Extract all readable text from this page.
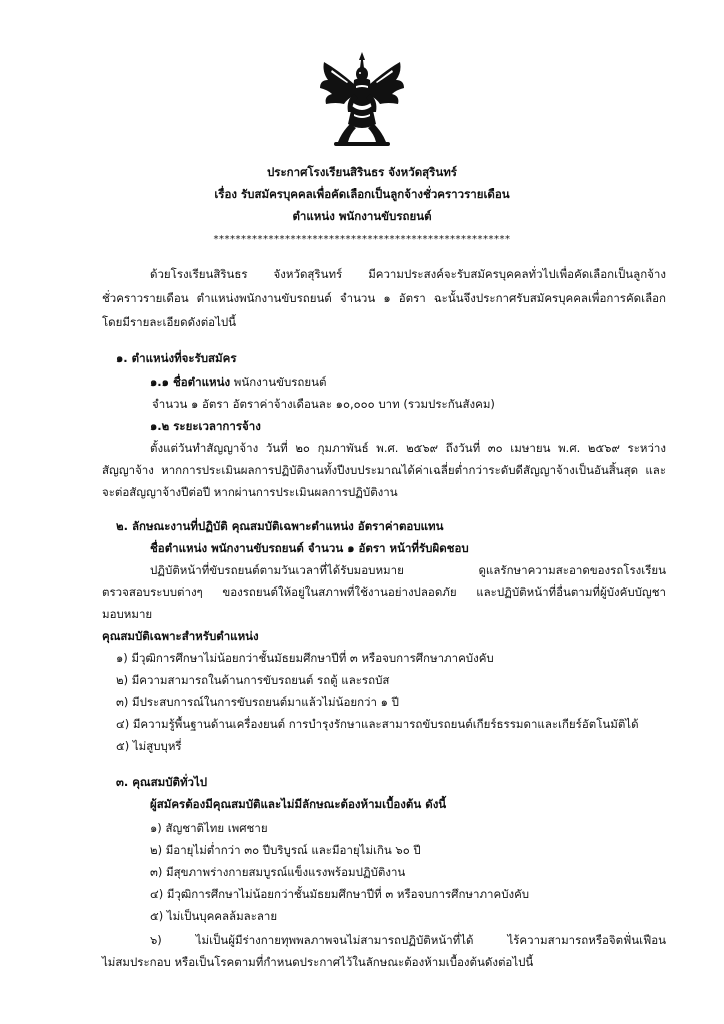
ประกาศโรงเรียนสิรินธร จังหวัดสุรินทร์
เรื่อง รับสมัครบุคคลเพื่อคัดเลือกเป็นลูกจ้างชั่วคราวรายเดือน
ตำแหน่ง พนักงานขับรถยนต์
******************************************************
ด้วยโรงเรียนสิรินธร จังหวัดสุรินทร์ มีความประสงค์จะรับสมัครบุคคลทั่วไปเพื่อคัดเลือกเป็นลูกจ้าง
ชั่วคราวรายเดือน ตำแหน่งพนักงานขับรถยนต์ จำนวน ๑ อัตรา ฉะนั้นจึงประกาศรับสมัครบุคคลเพื่อการคัดเลือก
โดยมีรายละเอียดดังต่อไปนี้
๑. ตำแหน่งที่จะรับสมัคร
๑.๑ ชื่อตำแหน่ง พนักงานขับรถยนต์
จำนวน ๑ อัตรา อัตราค่าจ้างเดือนละ ๑๐,๐๐๐ บาท (รวมประกันสังคม)
๑.๒ ระยะเวลาการจ้าง
ตั้งแต่วันทำสัญญาจ้าง วันที่ ๒๐ กุมภาพันธ์ พ.ศ. ๒๕๖๙ ถึงวันที่ ๓๐ เมษายน พ.ศ. ๒๕๖๙ ระหว่าง
สัญญาจ้าง หากการประเมินผลการปฏิบัติงานทั้งปีงบประมาณได้ค่าเฉลี่ยต่ำกว่าระดับดีสัญญาจ้างเป็นอันสิ้นสุด และ
จะต่อสัญญาจ้างปีต่อปี หากผ่านการประเมินผลการปฏิบัติงาน
๒. ลักษณะงานที่ปฏิบัติ คุณสมบัติเฉพาะตำแหน่ง อัตราค่าตอบแทน
ชื่อตำแหน่ง พนักงานขับรถยนต์ จำนวน ๑ อัตรา หน้าที่รับผิดชอบ
ปฏิบัติหน้าที่ขับรถยนต์ตามวันเวลาที่ได้รับมอบหมาย ดูแลรักษาความสะอาดของรถโรงเรียน
ตรวจสอบระบบต่างๆ ของรถยนต์ให้อยู่ในสภาพที่ใช้งานอย่างปลอดภัย และปฏิบัติหน้าที่อื่นตามที่ผู้บังคับบัญชา
มอบหมาย
คุณสมบัติเฉพาะสำหรับตำแหน่ง
๑) มีวุฒิการศึกษาไม่น้อยกว่าชั้นมัธยมศึกษาปีที่ ๓ หรือจบการศึกษาภาคบังคับ
๒) มีความสามารถในด้านการขับรถยนต์ รถตู้ และรถบัส
๓) มีประสบการณ์ในการขับรถยนต์มาแล้วไม่น้อยกว่า ๑ ปี
๔) มีความรู้พื้นฐานด้านเครื่องยนต์ การบำรุงรักษาและสามารถขับรถยนต์เกียร์ธรรมดาและเกียร์อัตโนมัติได้
๕) ไม่สูบบุหรี่
๓. คุณสมบัติทั่วไป
ผู้สมัครต้องมีคุณสมบัติและไม่มีลักษณะต้องห้ามเบื้องต้น ดังนี้
๑) สัญชาติไทย เพศชาย
๒) มีอายุไม่ต่ำกว่า ๓๐ ปีบริบูรณ์ และมีอายุไม่เกิน ๖๐ ปี
๓) มีสุขภาพร่างกายสมบูรณ์แข็งแรงพร้อมปฏิบัติงาน
๔) มีวุฒิการศึกษาไม่น้อยกว่าชั้นมัธยมศึกษาปีที่ ๓ หรือจบการศึกษาภาคบังคับ
๕) ไม่เป็นบุคคลล้มละลาย
๖) ไม่เป็นผู้มีร่างกายทุพพลภาพจนไม่สามารถปฏิบัติหน้าที่ได้ ไร้ความสามารถหรือจิตฟั่นเฟือน
ไม่สมประกอบ หรือเป็นโรคตามที่กำหนดประกาศไว้ในลักษณะต้องห้ามเบื้องต้นดังต่อไปนี้
